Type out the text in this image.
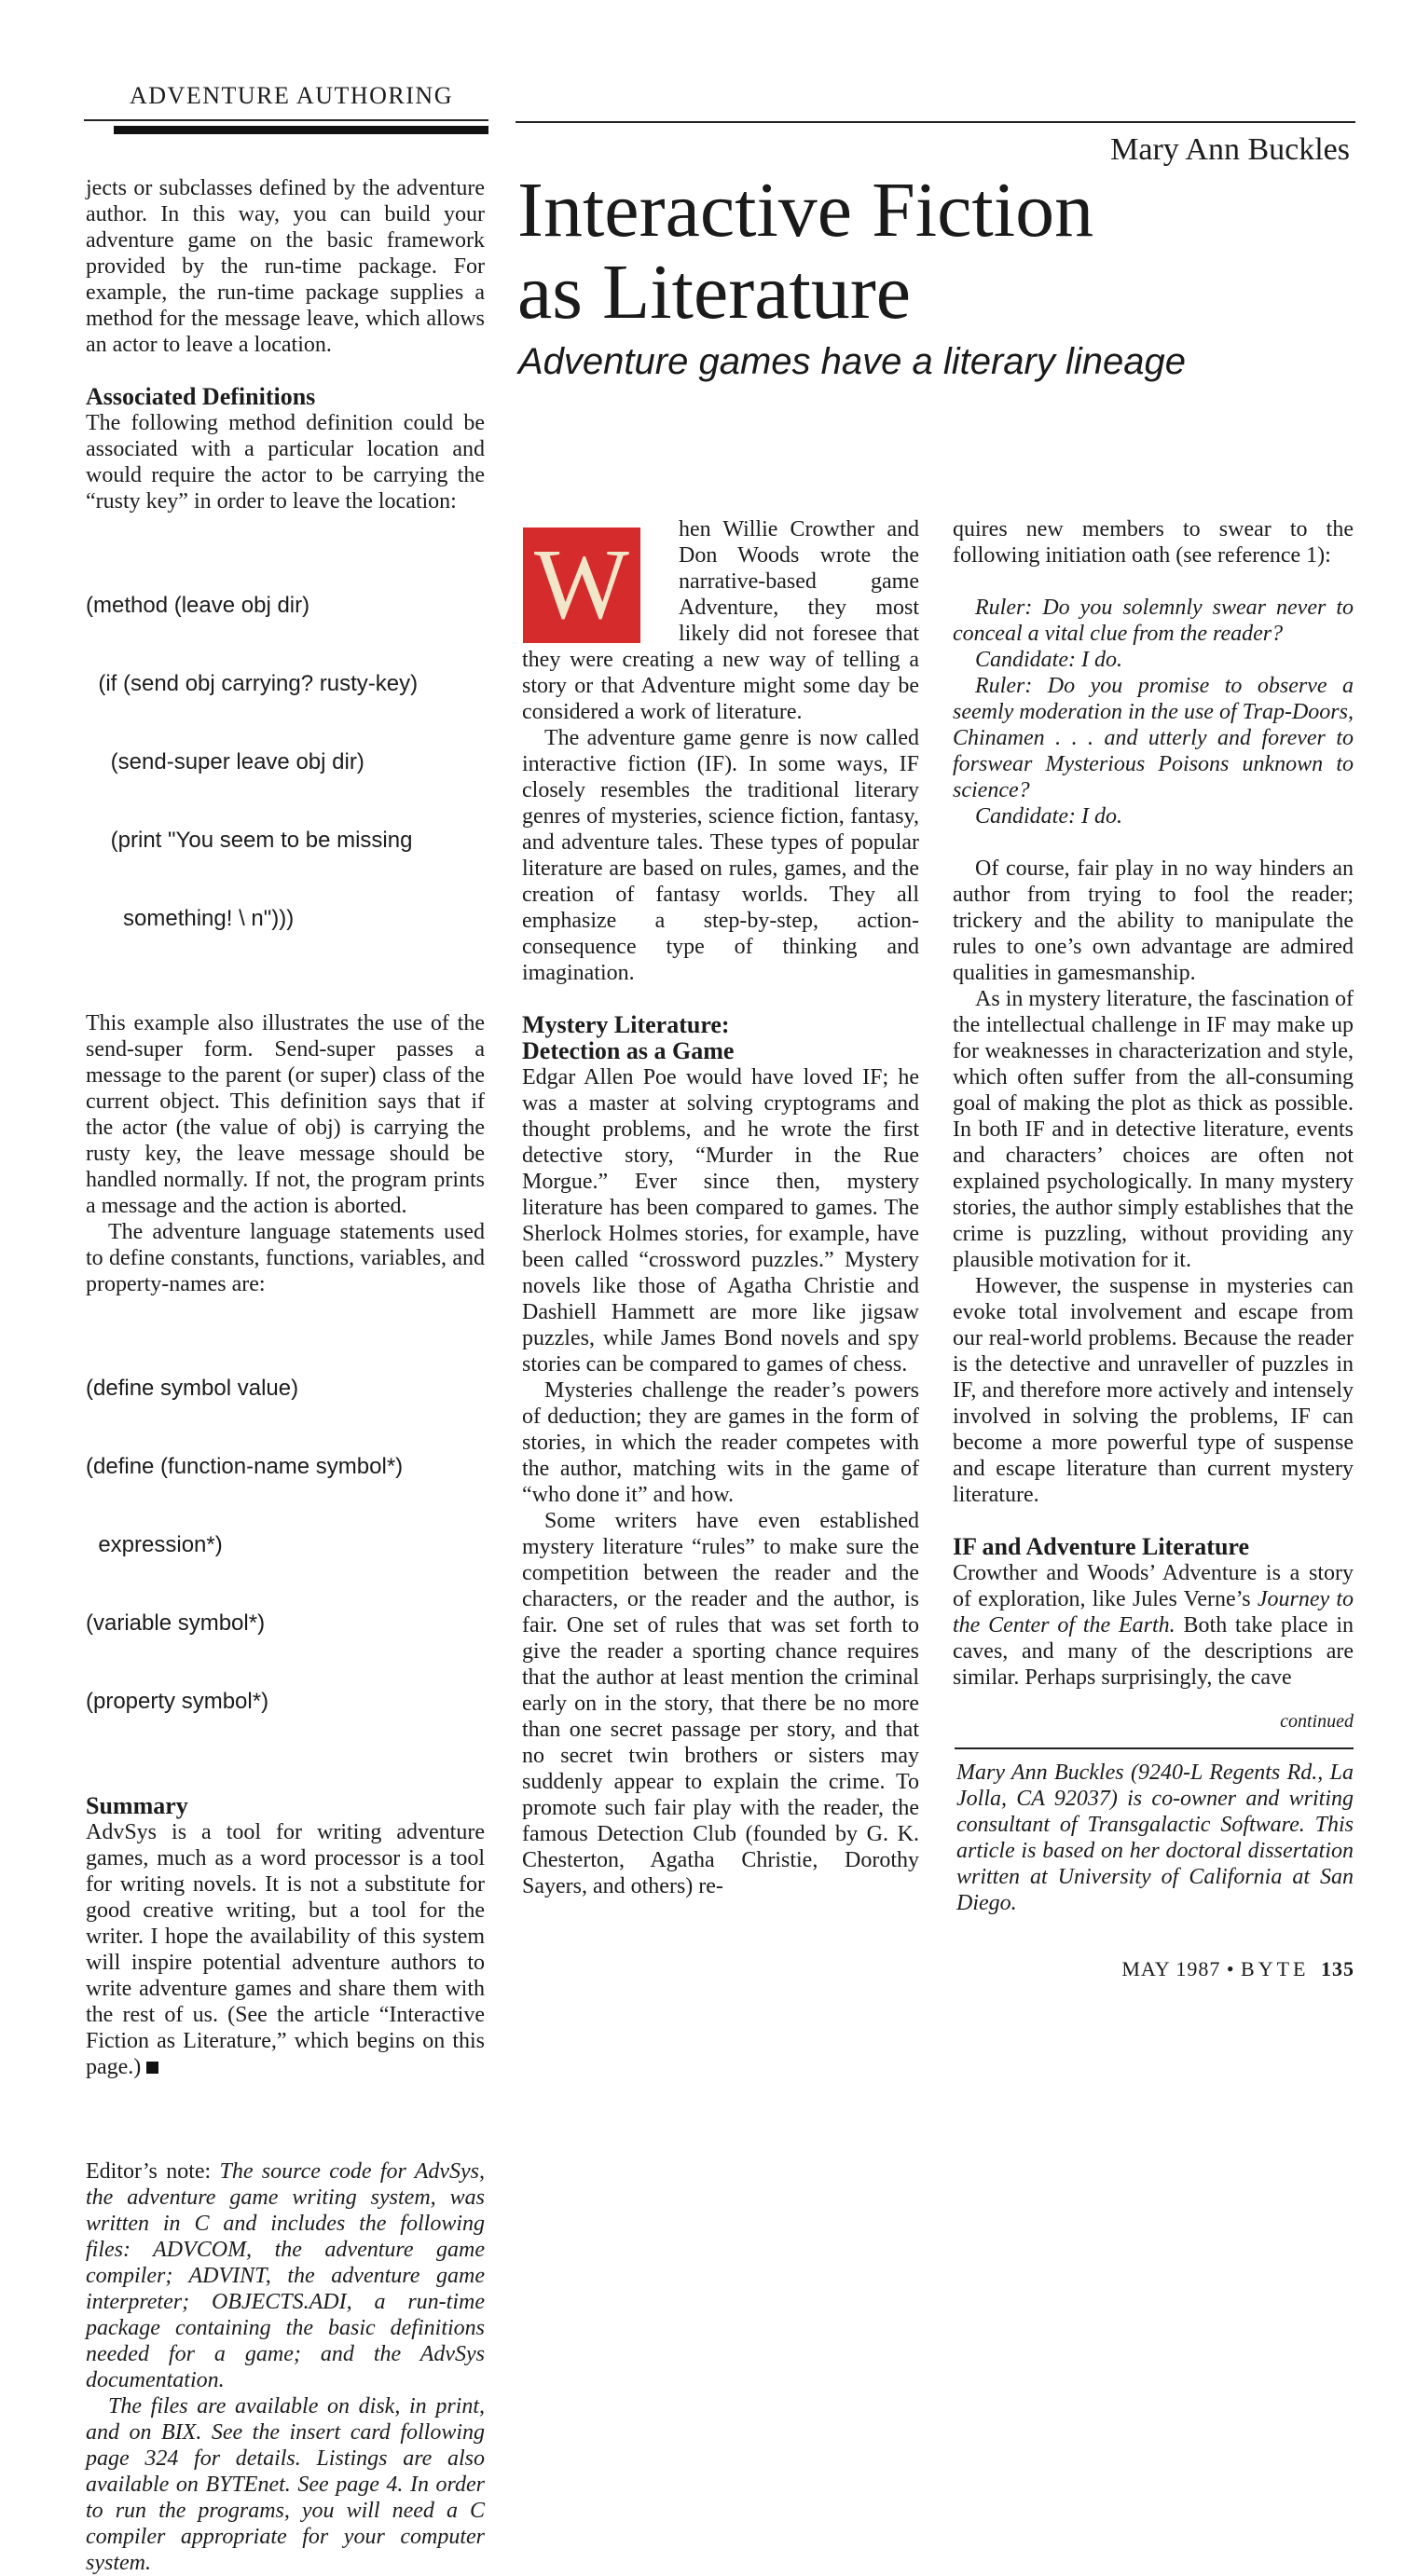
ADVENTURE AUTHORING
Mary Ann Buckles
Interactive Fiction
as Literature
Adventure games have a literary lineage

jects or subclasses defined by the adventure author. In this way, you can build your adventure game on the basic framework provided by the run-time package. For example, the run-time package supplies a method for the message leave, which allows an actor to leave a location.

Associated Definitions

The following method definition could be associated with a particular location and would require the actor to be carrying the “rusty key” in order to leave the location:

(method (leave obj dir)

(if (send obj carrying? rusty-key)

(send-super leave obj dir)

(print "You seem to be missing

something! \ n")))

This example also illustrates the use of the send-super form. Send-super passes a message to the parent (or super) class of the current object. This definition says that if the actor (the value of obj) is carrying the rusty key, the leave message should be handled normally. If not, the program prints a message and the action is aborted.

The adventure language statements used to define constants, functions, variables, and property-names are:

(define symbol value)

(define (function-name symbol*)

expression*)

(variable symbol*)

(property symbol*)

Summary

AdvSys is a tool for writing adventure games, much as a word processor is a tool for writing novels. It is not a substitute for good creative writing, but a tool for the writer. I hope the availability of this system will inspire potential adventure authors to write adventure games and share them with the rest of us. (See the article “Interactive Fiction as Literature,” which begins on this page.)

Editor’s note: The source code for AdvSys, the adventure game writing system, was written in C and includes the following files: ADVCOM, the adventure game compiler; ADVINT, the adventure game interpreter; OBJECTS.ADI, a run-time package containing the basic definitions needed for a game; and the AdvSys documentation.

The files are available on disk, in print, and on BIX. See the insert card following page 324 for details. Listings are also available on BYTEnet. See page 4. In order to run the programs, you will need a C compiler appropriate for your computer system.

W	hen Willie Crowther and Don Woods wrote the narrative-based game Adventure, they most likely did not foresee that they were creating a new way of telling a story or that Adventure might some day be considered a work of literature.

The adventure game genre is now called interactive fiction (IF). In some ways, IF closely resembles the traditional literary genres of mysteries, science fiction, fantasy, and adventure tales. These types of popular literature are based on rules, games, and the creation of fantasy worlds. They all emphasize a step-by-step, action-consequence type of thinking and imagination.

Mystery Literature:
Detection as a Game

Edgar Allen Poe would have loved IF; he was a master at solving cryptograms and thought problems, and he wrote the first detective story, “Murder in the Rue Morgue.” Ever since then, mystery literature has been compared to games. The Sherlock Holmes stories, for example, have been called “crossword puzzles.” Mystery novels like those of Agatha Christie and Dashiell Hammett are more like jigsaw puzzles, while James Bond novels and spy stories can be compared to games of chess.

Mysteries challenge the reader’s powers of deduction; they are games in the form of stories, in which the reader competes with the author, matching wits in the game of “who done it” and how.

Some writers have even established mystery literature “rules” to make sure the competition between the reader and the characters, or the reader and the author, is fair. One set of rules that was set forth to give the reader a sporting chance requires that the author at least mention the criminal early on in the story, that there be no more than one secret passage per story, and that no secret twin brothers or sisters may suddenly appear to explain the crime. To promote such fair play with the reader, the famous Detection Club (founded by G. K. Chesterton, Agatha Christie, Dorothy Sayers, and others) re-

quires new members to swear to the following initiation oath (see reference 1):

Ruler: Do you solemnly swear never to conceal a vital clue from the reader?

Candidate: I do.

Ruler: Do you promise to observe a seemly moderation in the use of Trap-Doors, Chinamen . . . and utterly and forever to forswear Mysterious Poisons unknown to science?

Candidate: I do.

Of course, fair play in no way hinders an author from trying to fool the reader; trickery and the ability to manipulate the rules to one’s own advantage are admired qualities in gamesmanship.

As in mystery literature, the fascination of the intellectual challenge in IF may make up for weaknesses in characterization and style, which often suffer from the all-consuming goal of making the plot as thick as possible. In both IF and in detective literature, events and characters’ choices are often not explained psychologically. In many mystery stories, the author simply establishes that the crime is puzzling, without providing any plausible motivation for it.

However, the suspense in mysteries can evoke total involvement and escape from our real-world problems. Because the reader is the detective and unraveller of puzzles in IF, and therefore more actively and intensely involved in solving the problems, IF can become a more powerful type of suspense and escape literature than current mystery literature.

IF and Adventure Literature

Crowther and Woods’ Adventure is a story of exploration, like Jules Verne’s Journey to the Center of the Earth. Both take place in caves, and many of the descriptions are similar. Perhaps surprisingly, the cave

continued
Mary Ann Buckles (9240-L Regents Rd., La Jolla, CA 92037) is co-owner and writing consultant of Transgalactic Software. This article is based on her doctoral dissertation written at University of California at San Diego.
MAY 1987 • BYTE 135
